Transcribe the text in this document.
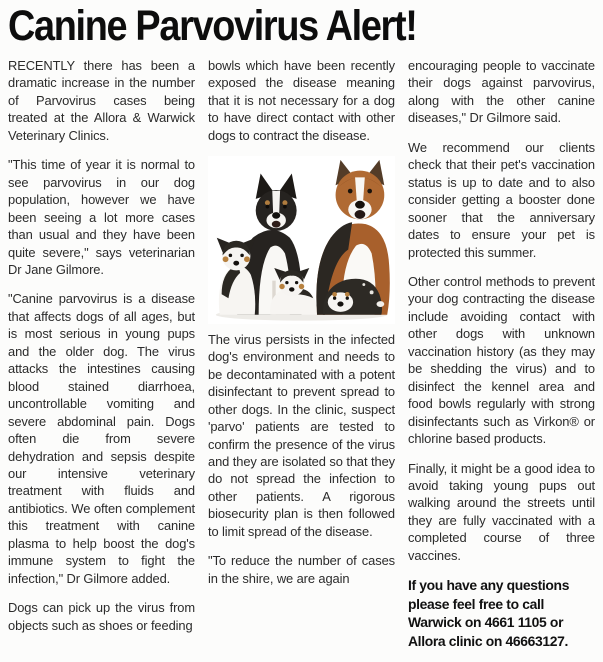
Canine Parvovirus Alert!

RECENTLY there has been a dramatic increase in the number of Parvovirus cases being treated at the Allora & Warwick Veterinary Clinics.

"This time of year it is normal to see parvovirus in our dog population, however we have been seeing a lot more cases than usual and they have been quite severe," says veterinarian Dr Jane Gilmore.

"Canine parvovirus is a disease that affects dogs of all ages, but is most serious in young pups and the older dog. The virus attacks the intestines causing blood stained diarrhoea, uncontrollable vomiting and severe abdominal pain. Dogs often die from severe dehydration and sepsis despite our intensive veterinary treatment with fluids and antibiotics. We often complement this treatment with canine plasma to help boost the dog's immune system to fight the infection," Dr Gilmore added.

Dogs can pick up the virus from objects such as shoes or feeding

bowls which have been recently exposed the disease meaning that it is not necessary for a dog to have direct contact with other dogs to contract the disease.

The virus persists in the infected dog's environment and needs to be decontaminated with a potent disinfectant to prevent spread to other dogs. In the clinic, suspect 'parvo' patients are tested to confirm the presence of the virus and they are isolated so that they do not spread the infection to other patients. A rigorous biosecurity plan is then followed to limit spread of the disease.

"To reduce the number of cases in the shire, we are again

encouraging people to vaccinate their dogs against parvovirus, along with the other canine diseases," Dr Gilmore said.

We recommend our clients check that their pet's vaccination status is up to date and to also consider getting a booster done sooner that the anniversary dates to ensure your pet is protected this summer.

Other control methods to prevent your dog contracting the disease include avoiding contact with other dogs with unknown vaccination history (as they may be shedding the virus) and to disinfect the kennel area and food bowls regularly with strong disinfectants such as Virkon® or chlorine based products.

Finally, it might be a good idea to avoid taking young pups out walking around the streets until they are fully vaccinated with a completed course of three vaccines.

If you have any questions please feel free to call Warwick on 4661 1105 or Allora clinic on 46663127.
